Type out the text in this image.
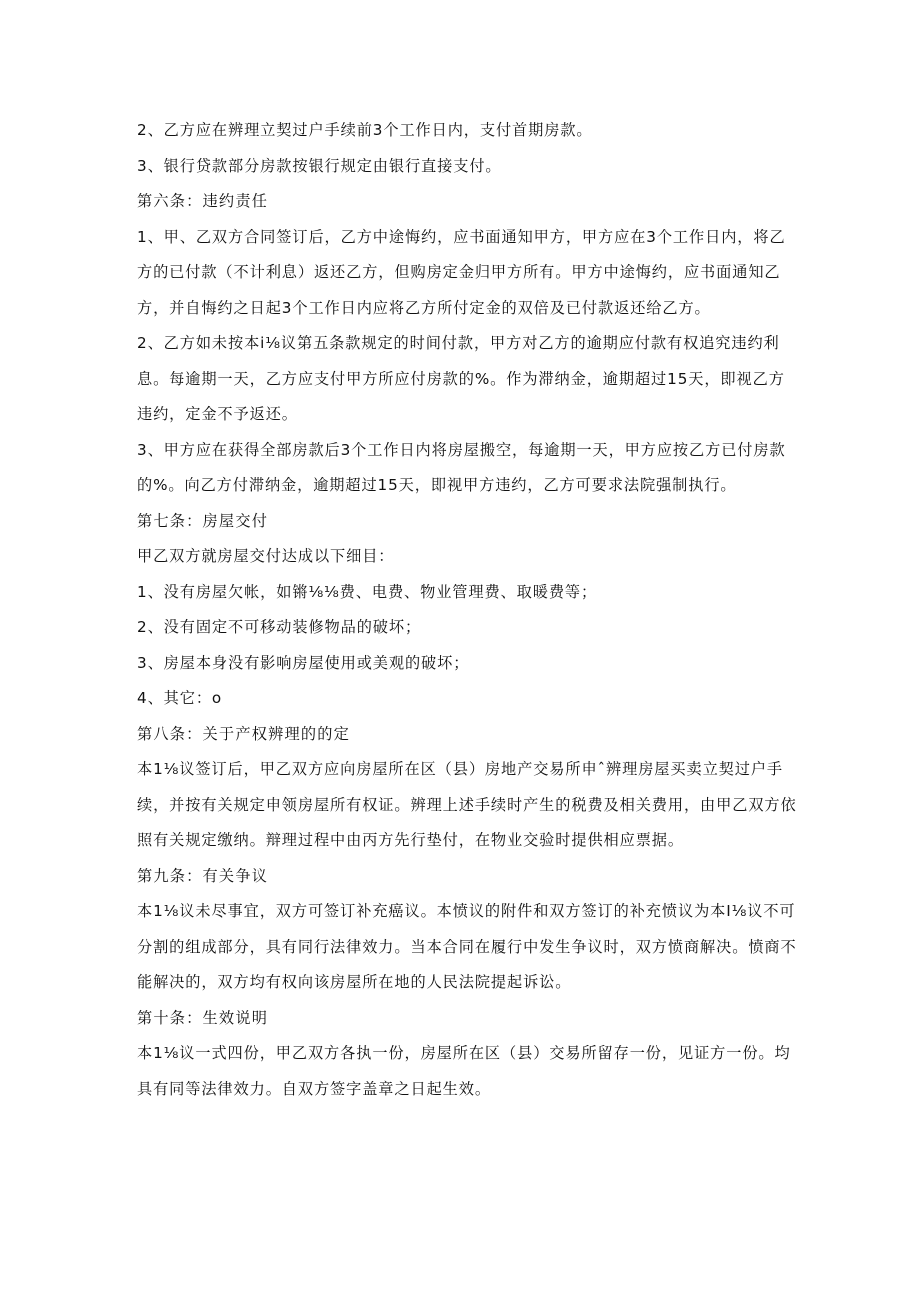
2、乙方应在辨理立契过户手续前3个工作日内，支付首期房款。

3、银行贷款部分房款按银行规定由银行直接支付。

第六条：违约责任

1、甲、乙双方合同签订后，乙方中途悔约，应书面通知甲方，甲方应在3个工作日内，将乙方的已付款（不计利息）返还乙方，但购房定金归甲方所有。甲方中途悔约，应书面通知乙方，并自悔约之日起3个工作日内应将乙方所付定金的双倍及已付款返还给乙方。

2、乙方如未按本i⅛议第五条款规定的时间付款，甲方对乙方的逾期应付款有权追究违约利息。每逾期一天，乙方应支付甲方所应付房款的%。作为滞纳金，逾期超过15天，即视乙方违约，定金不予返还。

3、甲方应在获得全部房款后3个工作日内将房屋搬空，每逾期一天，甲方应按乙方已付房款的%。向乙方付滞纳金，逾期超过15天，即视甲方违约，乙方可要求法院强制执行。

第七条：房屋交付

甲乙双方就房屋交付达成以下细目：

1、没有房屋欠帐，如锵⅛⅛费、电费、物业管理费、取暖费等；

2、没有固定不可移动装修物品的破坏；

3、房屋本身没有影响房屋使用或美观的破坏；

4、其它：o

第八条：关于产权辨理的的定

本1⅛议签订后，甲乙双方应向房屋所在区（县）房地产交易所申ˆ辨理房屋买卖立契过户手续，并按有关规定申领房屋所有权证。辨理上述手续时产生的税费及相关费用，由甲乙双方依照有关规定缴纳。辩理过程中由丙方先行垫付，在物业交验时提供相应票据。

第九条：有关争议

本1⅛议未尽事宜，双方可签订补充癌议。本愤议的附件和双方签订的补充愤议为本I⅛议不可分割的组成部分，具有同行法律效力。当本合同在履行中发生争议时，双方愤商解决。愤商不能解决的，双方均有权向该房屋所在地的人民法院提起诉讼。

第十条：生效说明

本1⅛议一式四份，甲乙双方各执一份，房屋所在区（县）交易所留存一份，见证方一份。均具有同等法律效力。自双方签字盖章之日起生效。
